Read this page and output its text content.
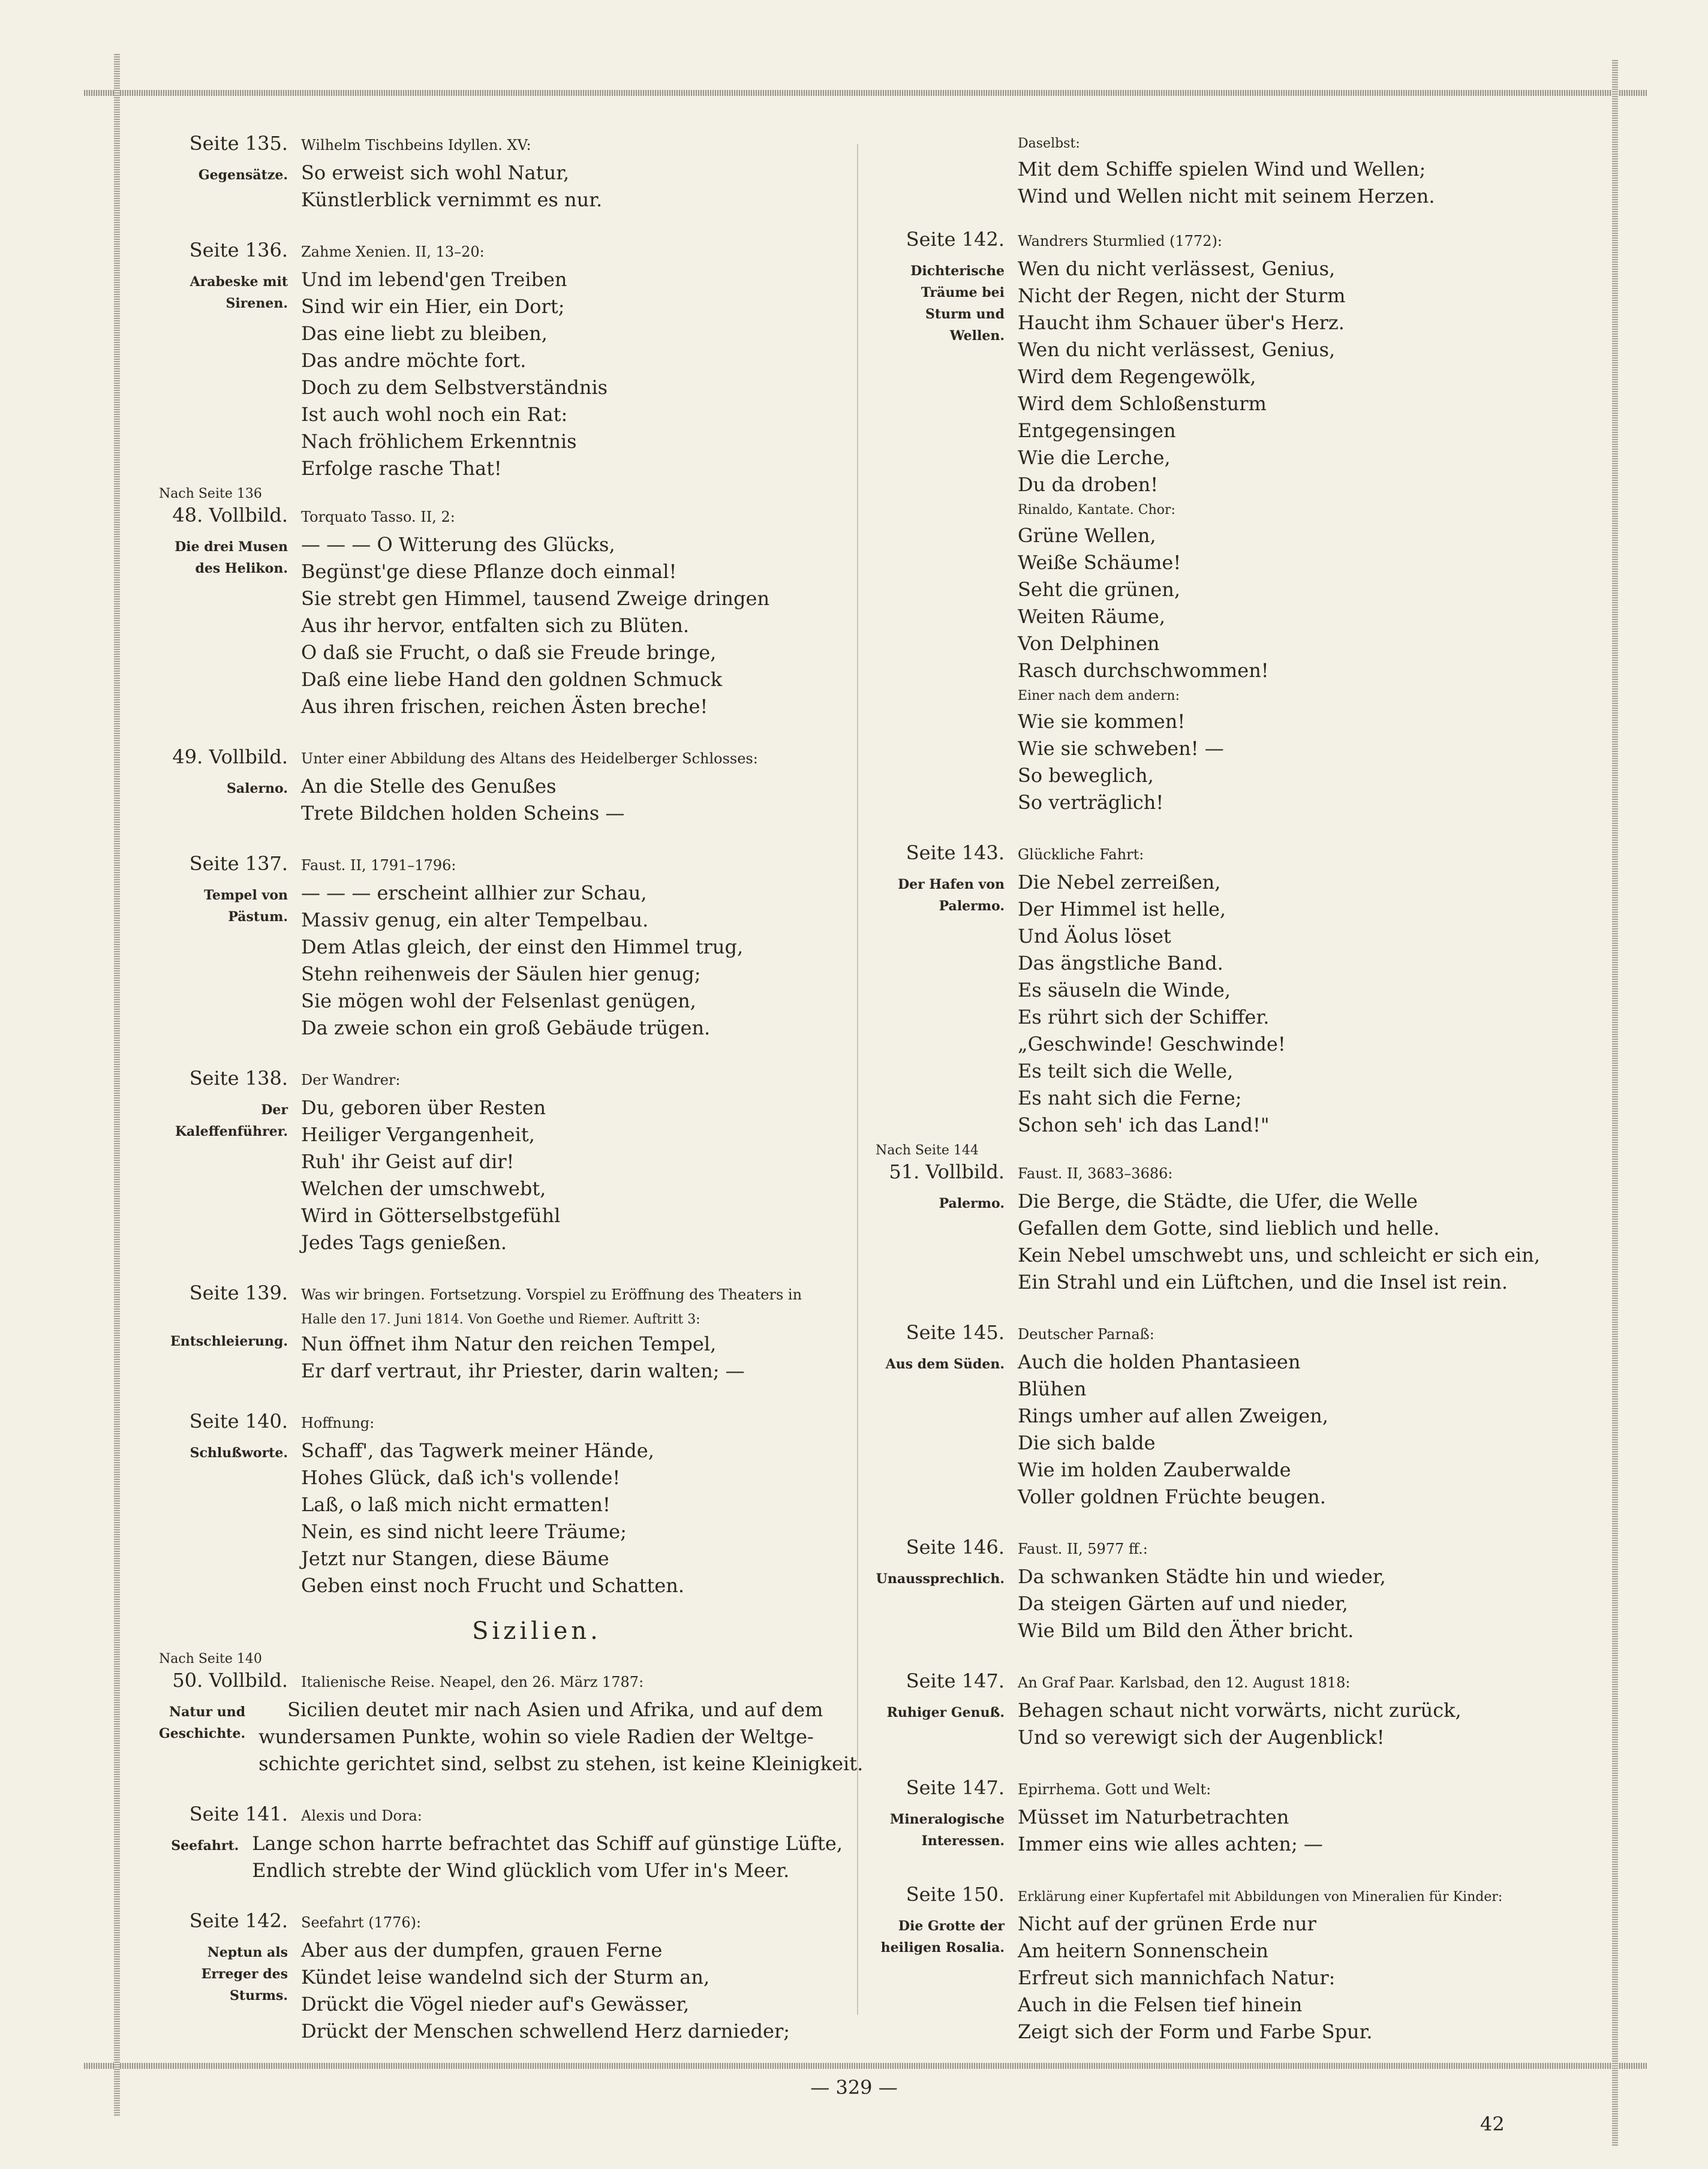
Seite 135. Wilhelm Tischbeins Idyllen. XV:
Gegensätze. So erweist sich wohl Natur,
Künstlerblick vernimmt es nur.
Seite 136. Zahme Xenien. II, 13–20:
Arabeske mit Sirenen.
Und im lebend'gen Treiben
Sind wir ein Hier, ein Dort;
Das eine liebt zu bleiben,
Das andre möchte fort.
Doch zu dem Selbstverständnis
Ist auch wohl noch ein Rat:
Nach fröhlichem Erkenntnis
Erfolge rasche That!
Nach Seite 136
48. Vollbild. Torquato Tasso. II, 2:
Die drei Musen des Helikon.
— — — O Witterung des Glücks,
Begünst'ge diese Pflanze doch einmal!
Sie strebt gen Himmel, tausend Zweige dringen
Aus ihr hervor, entfalten sich zu Blüten.
O daß sie Frucht, o daß sie Freude bringe,
Daß eine liebe Hand den goldnen Schmuck
Aus ihren frischen, reichen Ästen breche!
49. Vollbild. Unter einer Abbildung des Altans des Heidelberger Schlosses:
Salerno. An die Stelle des Genußes
Trete Bildchen holden Scheins —
Seite 137. Faust. II, 1791–1796:
Tempel von Pästum.
— — — erscheint allhier zur Schau,
Massiv genug, ein alter Tempelbau.
Dem Atlas gleich, der einst den Himmel trug,
Stehn reihenweis der Säulen hier genug;
Sie mögen wohl der Felsenlast genügen,
Da zweie schon ein groß Gebäude trügen.
Seite 138. Der Wandrer:
Der Kaleffenführer.
Du, geboren über Resten
Heiliger Vergangenheit,
Ruh' ihr Geist auf dir!
Welchen der umschwebt,
Wird in Götterselbstgefühl
Jedes Tags genießen.
Seite 139. Was wir bringen. Fortsetzung. Vorspiel zu Eröffnung des Theaters in
Halle den 17. Juni 1814. Von Goethe und Riemer. Auftritt 3:
Entschleierung. Nun öffnet ihm Natur den reichen Tempel,
Er darf vertraut, ihr Priester, darin walten; —
Seite 140. Hoffnung:
Schlußworte. Schaff', das Tagwerk meiner Hände,
Hohes Glück, daß ich's vollende!
Laß, o laß mich nicht ermatten!
Nein, es sind nicht leere Träume;
Jetzt nur Stangen, diese Bäume
Geben einst noch Frucht und Schatten.
Sizilien.
Nach Seite 140
50. Vollbild. Italienische Reise. Neapel, den 26. März 1787:
Natur und Geschichte.
Sicilien deutet mir nach Asien und Afrika, und auf dem
wundersamen Punkte, wohin so viele Radien der Weltge-
schichte gerichtet sind, selbst zu stehen, ist keine Kleinigkeit.
Seite 141. Alexis und Dora:
Seefahrt. Lange schon harrte befrachtet das Schiff auf günstige Lüfte,
Endlich strebte der Wind glücklich vom Ufer in's Meer.
Seite 142. Seefahrt (1776):
Neptun als Erreger des Sturms.
Aber aus der dumpfen, grauen Ferne
Kündet leise wandelnd sich der Sturm an,
Drückt die Vögel nieder auf's Gewässer,
Drückt der Menschen schwellend Herz darnieder;
Daselbst:
Mit dem Schiffe spielen Wind und Wellen;
Wind und Wellen nicht mit seinem Herzen.
Seite 142. Wandrers Sturmlied (1772):
Dichterische Träume bei Sturm und Wellen.
Wen du nicht verlässest, Genius,
Nicht der Regen, nicht der Sturm
Haucht ihm Schauer über's Herz.
Wen du nicht verlässest, Genius,
Wird dem Regengewölk,
Wird dem Schloßensturm
Entgegensingen
Wie die Lerche,
Du da droben!
Rinaldo, Kantate. Chor:
Grüne Wellen,
Weiße Schäume!
Seht die grünen,
Weiten Räume,
Von Delphinen
Rasch durchschwommen!
Einer nach dem andern:
Wie sie kommen!
Wie sie schweben! —
So beweglich,
So verträglich!
Seite 143. Glückliche Fahrt:
Der Hafen von Palermo.
Die Nebel zerreißen,
Der Himmel ist helle,
Und Äolus löset
Das ängstliche Band.
Es säuseln die Winde,
Es rührt sich der Schiffer.
„Geschwinde! Geschwinde!
Es teilt sich die Welle,
Es naht sich die Ferne;
Schon seh' ich das Land!"
Nach Seite 144
51. Vollbild. Faust. II, 3683–3686:
Palermo. Die Berge, die Städte, die Ufer, die Welle
Gefallen dem Gotte, sind lieblich und helle.
Kein Nebel umschwebt uns, und schleicht er sich ein,
Ein Strahl und ein Lüftchen, und die Insel ist rein.
Seite 145. Deutscher Parnaß:
Aus dem Süden. Auch die holden Phantasieen
Blühen
Rings umher auf allen Zweigen,
Die sich balde
Wie im holden Zauberwalde
Voller goldnen Früchte beugen.
Seite 146. Faust. II, 5977 ff.:
Unaussprechlich. Da schwanken Städte hin und wieder,
Da steigen Gärten auf und nieder,
Wie Bild um Bild den Äther bricht.
Seite 147. An Graf Paar. Karlsbad, den 12. August 1818:
Ruhiger Genuß. Behagen schaut nicht vorwärts, nicht zurück,
Und so verewigt sich der Augenblick!
Seite 147. Epirrhema. Gott und Welt:
Mineralogische Interessen.
Müsset im Naturbetrachten
Immer eins wie alles achten; —
Seite 150. Erklärung einer Kupfertafel mit Abbildungen von Mineralien für Kinder:
Die Grotte der heiligen Rosalia.
Nicht auf der grünen Erde nur
Am heitern Sonnenschein
Erfreut sich mannichfach Natur:
Auch in die Felsen tief hinein
Zeigt sich der Form und Farbe Spur.
— 329 —
42
